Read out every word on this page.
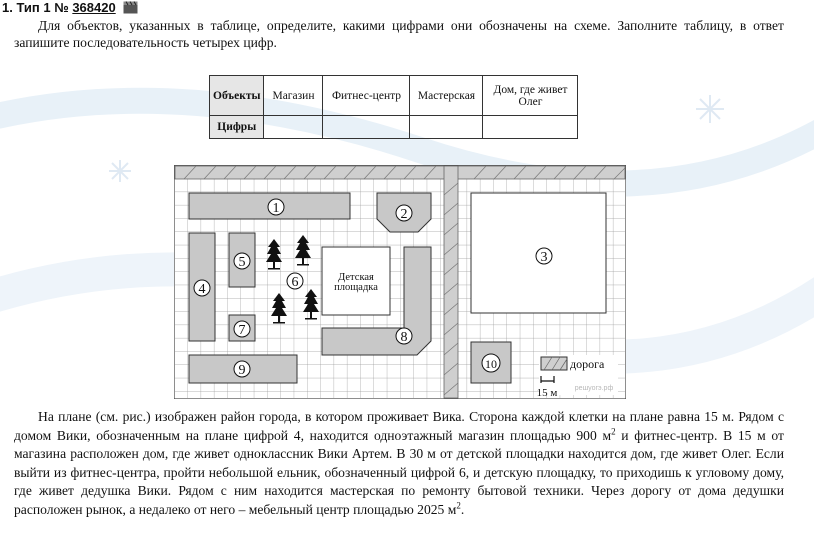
1. Тип 1 № 368420

Для объектов, указанных в таблице, определите, какими цифрами они обозначены на схеме. Заполните таблицу, в ответ запишите последовательность четырех цифр.

Объекты	Магазин	Фитнес-центр	Мастерская	Дом, где живет Олег
Цифры				
1	2
3
4
5
6
7	8
9	10
Детская
площадка
дорога
15 м решуогэ.рф

На плане (см. рис.) изображен район города, в котором проживает Вика. Сторона каждой клетки на плане равна 15 м. Рядом с домом Вики, обозначенным на плане цифрой 4, находится одноэтажный магазин площадью 900 $м^2$ и фитнес-центр. В 15 м от магазина расположен дом, где живет одноклассник Вики Артем. В 30 м от детской площадки находится дом, где живет Олег. Если выйти из фитнес-центра, пройти небольшой ельник, обозначенный цифрой 6, и детскую площадку, то приходишь к угловому дому, где живет дедушка Вики. Рядом с ним находится мастерская по ремонту бытовой техники. Через дорогу от дома дедушки расположен рынок, а недалеко от него – мебельный центр площадью 2025 $м^2$.
